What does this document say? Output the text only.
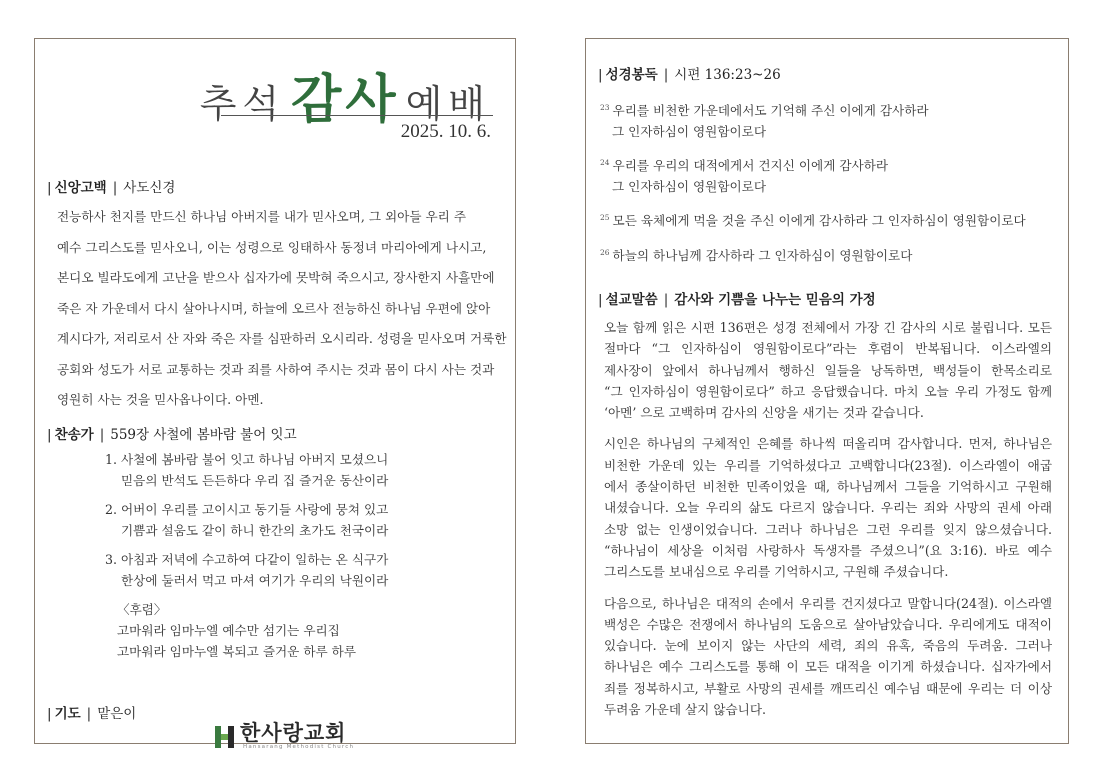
추석 감사 예배
2025. 10. 6.
| 신앙고백 | 사도신경
전능하사 천지를 만드신 하나님 아버지를 내가 믿사오며, 그 외아들 우리 주
예수 그리스도를 믿사오니, 이는 성령으로 잉태하사 동정녀 마리아에게 나시고,
본디오 빌라도에게 고난을 받으사 십자가에 못박혀 죽으시고, 장사한지 사흘만에
죽은 자 가운데서 다시 살아나시며, 하늘에 오르사 전능하신 하나님 우편에 앉아
계시다가, 저리로서 산 자와 죽은 자를 심판하러 오시리라. 성령을 믿사오며 거룩한
공회와 성도가 서로 교통하는 것과 죄를 사하여 주시는 것과 몸이 다시 사는 것과
영원히 사는 것을 믿사옵나이다. 아멘.
| 찬송가 | 559장 사철에 봄바람 불어 잇고
1. 사철에 봄바람 불어 잇고 하나님 아버지 모셨으니
믿음의 반석도 든든하다 우리 집 즐거운 동산이라
2. 어버이 우리를 고이시고 동기들 사랑에 뭉쳐 있고
기쁨과 설움도 같이 하니 한간의 초가도 천국이라
3. 아침과 저녁에 수고하여 다같이 일하는 온 식구가
한상에 둘러서 먹고 마셔 여기가 우리의 낙원이라
〈후렴〉
고마워라 임마누엘 예수만 섬기는 우리집
고마워라 임마누엘 복되고 즐거운 하루 하루
| 기도 | 맡은이
한사랑교회
Hansarang Methodist Church
| 성경봉독 | 시편 136:23~26
$^{23}$ 우리를 비천한 가운데에서도 기억해 주신 이에게 감사하라
그 인자하심이 영원함이로다
$^{24}$ 우리를 우리의 대적에게서 건지신 이에게 감사하라
그 인자하심이 영원함이로다
$^{25}$ 모든 육체에게 먹을 것을 주신 이에게 감사하라 그 인자하심이 영원함이로다
$^{26}$ 하늘의 하나님께 감사하라 그 인자하심이 영원함이로다
| 설교말씀 | 감사와 기쁨을 나누는 믿음의 가정
오늘 함께 읽은 시편 136편은 성경 전체에서 가장 긴 감사의 시로 불립니다. 모든
절마다 “그 인자하심이 영원함이로다”라는 후렴이 반복됩니다. 이스라엘의
제사장이 앞에서 하나님께서 행하신 일들을 낭독하면, 백성들이 한목소리로
“그 인자하심이 영원함이로다” 하고 응답했습니다. 마치 오늘 우리 가정도 함께
‘아멘’ 으로 고백하며 감사의 신앙을 새기는 것과 같습니다.
시인은 하나님의 구체적인 은혜를 하나씩 떠올리며 감사합니다. 먼저, 하나님은
비천한 가운데 있는 우리를 기억하셨다고 고백합니다(23절). 이스라엘이 애굽
에서 종살이하던 비천한 민족이었을 때, 하나님께서 그들을 기억하시고 구원해
내셨습니다. 오늘 우리의 삶도 다르지 않습니다. 우리는 죄와 사망의 권세 아래
소망 없는 인생이었습니다. 그러나 하나님은 그런 우리를 잊지 않으셨습니다.
“하나님이 세상을 이처럼 사랑하사 독생자를 주셨으니”(요 3:16). 바로 예수
그리스도를 보내심으로 우리를 기억하시고, 구원해 주셨습니다.
다음으로, 하나님은 대적의 손에서 우리를 건지셨다고 말합니다(24절). 이스라엘
백성은 수많은 전쟁에서 하나님의 도움으로 살아남았습니다. 우리에게도 대적이
있습니다. 눈에 보이지 않는 사단의 세력, 죄의 유혹, 죽음의 두려움. 그러나
하나님은 예수 그리스도를 통해 이 모든 대적을 이기게 하셨습니다. 십자가에서
죄를 정복하시고, 부활로 사망의 권세를 깨뜨리신 예수님 때문에 우리는 더 이상
두려움 가운데 살지 않습니다.
